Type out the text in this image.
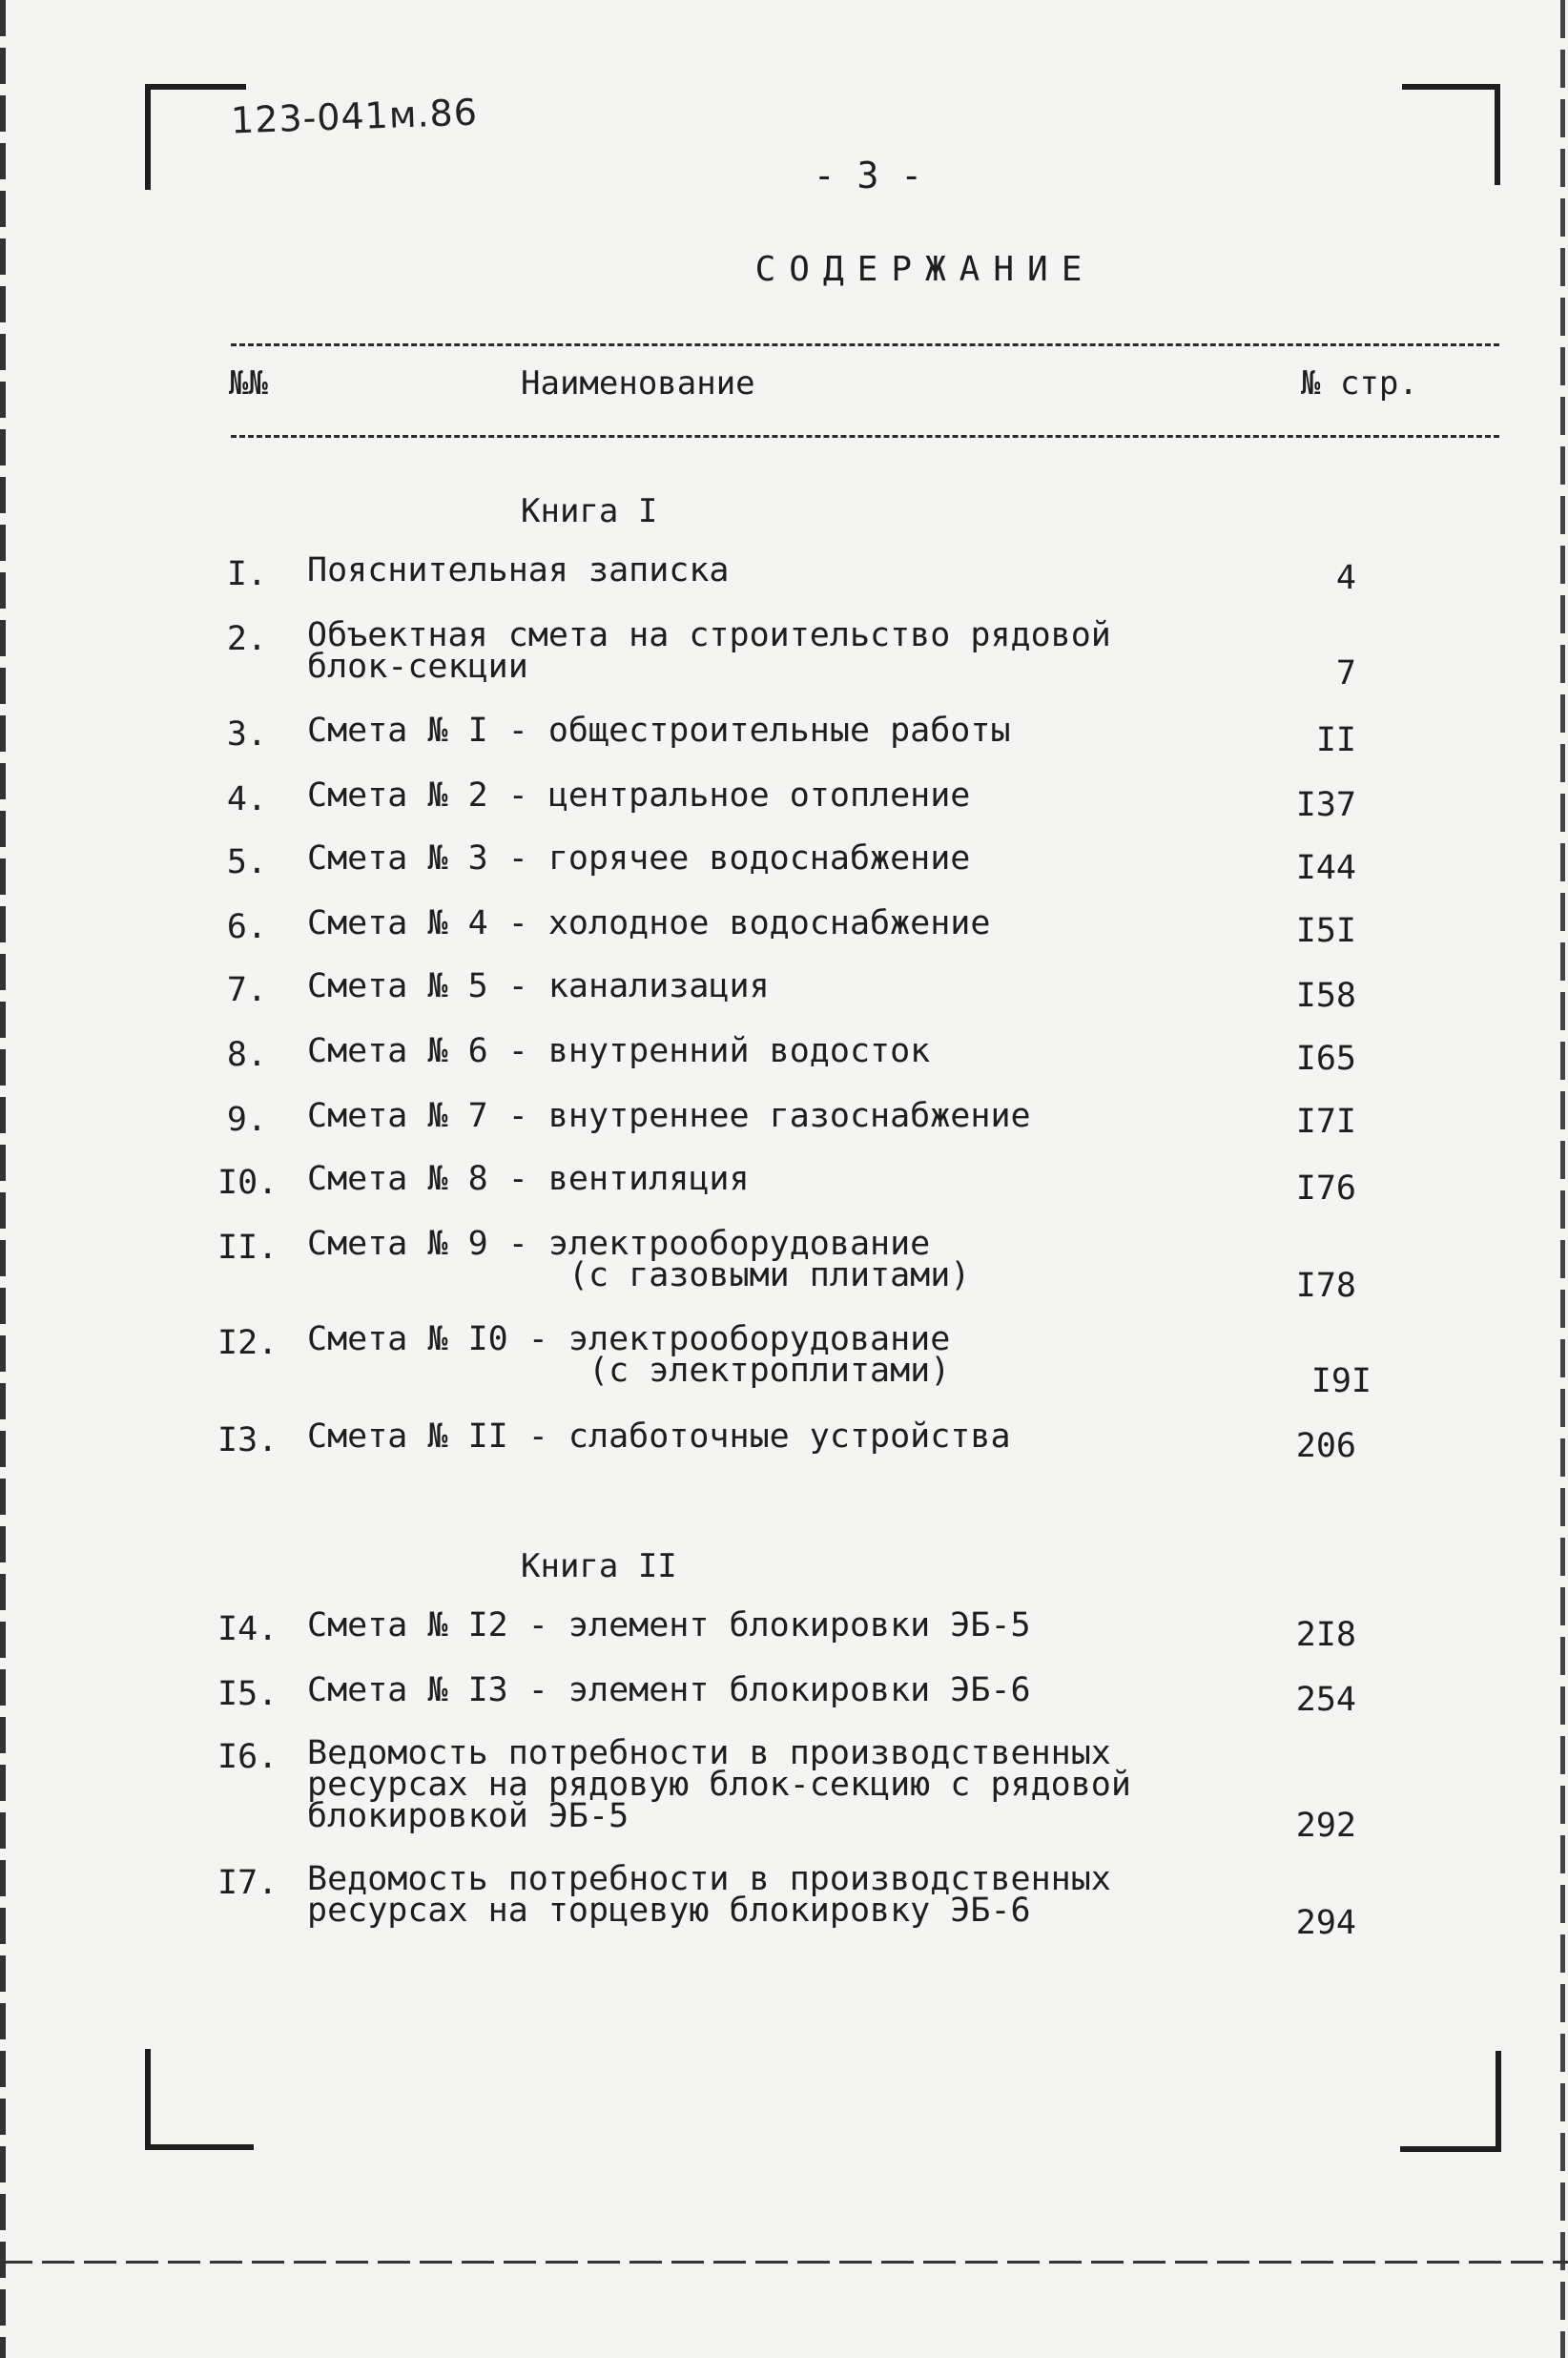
123-041м.86
- 3 -
СОДЕРЖАНИЕ
№№	Наименование	№ стр.
Книга I
I. Пояснительная записка	4
2. Объектная смета на строительство рядовой
блок-секции	7
3. Смета № I - общестроительные работы	II
4. Смета № 2 - центральное отопление	I37
5. Смета № 3 - горячее водоснабжение	I44
6. Смета № 4 - холодное водоснабжение	I5I
7. Смета № 5 - канализация	I58
8. Смета № 6 - внутренний водосток	I65
9. Смета № 7 - внутреннее газоснабжение	I7I
I0. Смета № 8 - вентиляция	I76
II. Смета № 9 - электрооборудование
(с газовыми плитами)	I78
I2. Смета № I0 - электрооборудование
(с электроплитами)	I9I
I3. Смета № II - слаботочные устройства	206
Книга II
I4. Смета № I2 - элемент блокировки ЭБ-5	2I8
I5. Смета № I3 - элемент блокировки ЭБ-6	254
I6. Ведомость потребности в производственных
ресурсах на рядовую блок-секцию с рядовой
блокировкой ЭБ-5	292
I7. Ведомость потребности в производственных
ресурсах на торцевую блокировку ЭБ-6	294
